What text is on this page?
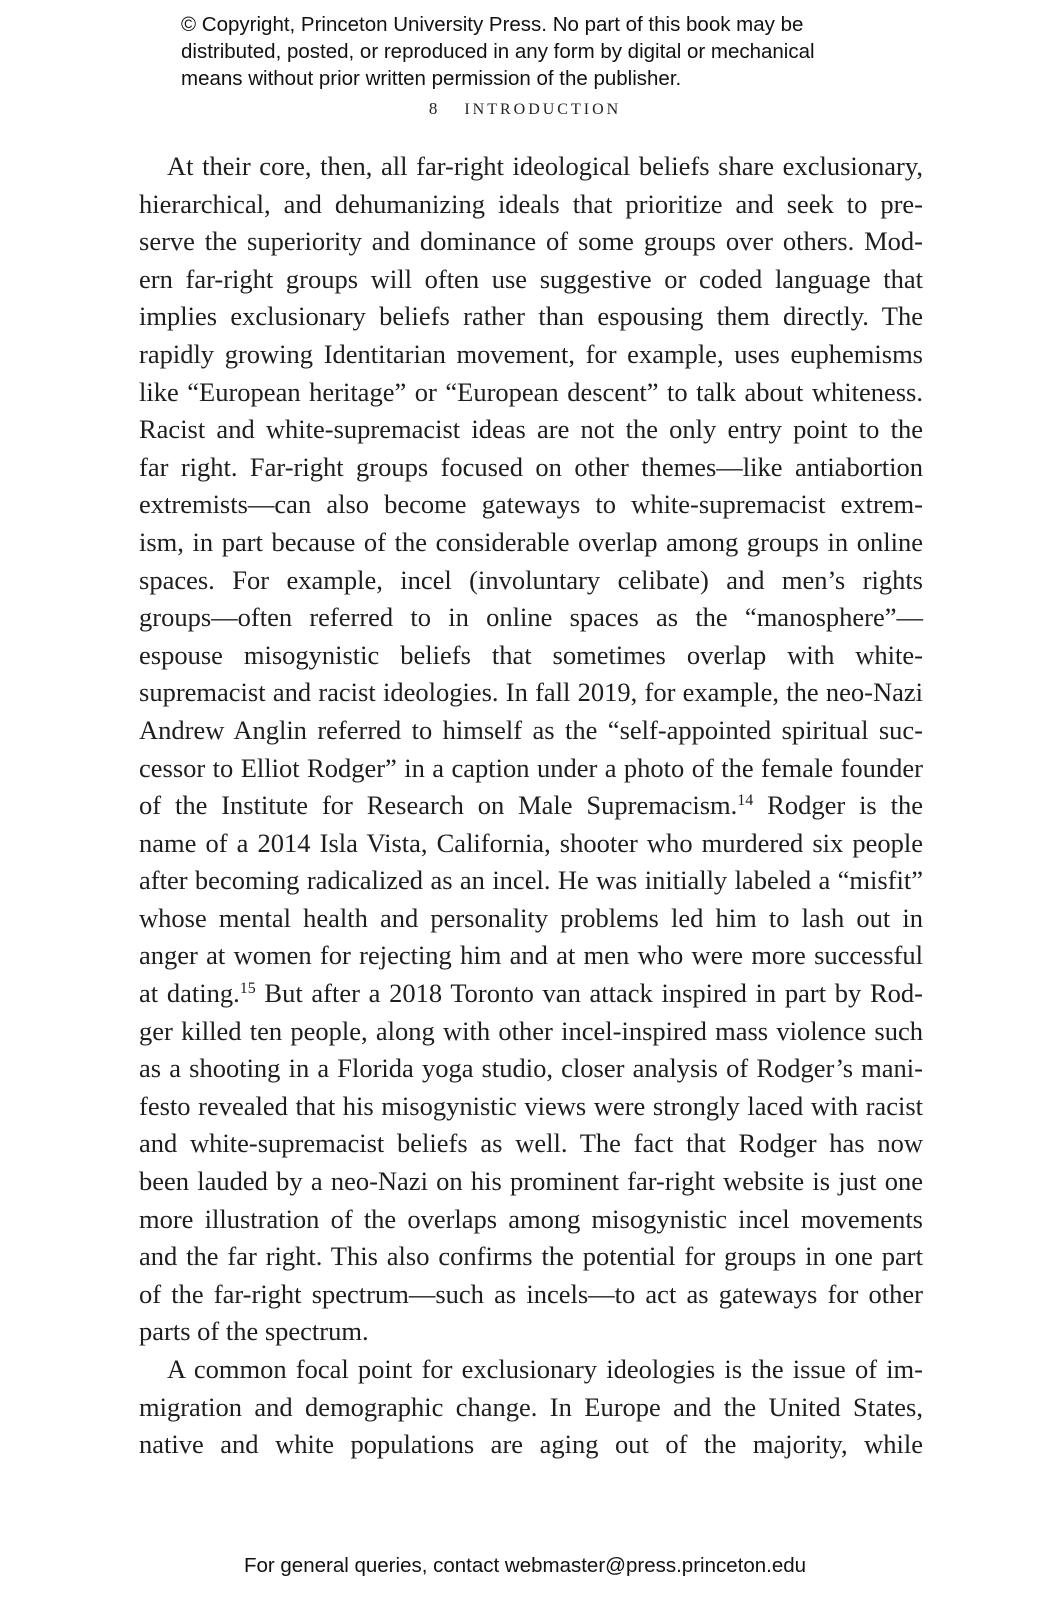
© Copyright, Princeton University Press. No part of this book may be
distributed, posted, or reproduced in any form by digital or mechanical
means without prior written permission of the publisher.
8 INTRODUCTION
At their core, then, all far-right ideological beliefs share exclusionary,
hierarchical, and dehumanizing ideals that prioritize and seek to pre-
serve the superiority and dominance of some groups over others. Mod-
ern far-right groups will often use suggestive or coded language that
implies exclusionary beliefs rather than espousing them directly. The
rapidly growing Identitarian movement, for example, uses euphemisms
like “European heritage” or “European descent” to talk about whiteness.
Racist and white-supremacist ideas are not the only entry point to the
far right. Far-right groups focused on other themes—like antiabortion
extremists—can also become gateways to white-supremacist extrem-
ism, in part because of the considerable overlap among groups in online
spaces. For example, incel (involuntary celibate) and men’s rights
groups—often referred to in online spaces as the “manosphere”—
espouse misogynistic beliefs that sometimes overlap with white-
supremacist and racist ideologies. In fall 2019, for example, the neo-Nazi
Andrew Anglin referred to himself as the “self-appointed spiritual suc-
cessor to Elliot Rodger” in a caption under a photo of the female founder
of the Institute for Research on Male Supremacism.$^{14}$ Rodger is the
name of a 2014 Isla Vista, California, shooter who murdered six people
after becoming radicalized as an incel. He was initially labeled a “misfit”
whose mental health and personality problems led him to lash out in
anger at women for rejecting him and at men who were more successful
at dating.$^{15}$ But after a 2018 Toronto van attack inspired in part by Rod-
ger killed ten people, along with other incel-inspired mass violence such
as a shooting in a Florida yoga studio, closer analysis of Rodger’s mani-
festo revealed that his misogynistic views were strongly laced with racist
and white-supremacist beliefs as well. The fact that Rodger has now
been lauded by a neo-Nazi on his prominent far-right website is just one
more illustration of the overlaps among misogynistic incel movements
and the far right. This also confirms the potential for groups in one part
of the far-right spectrum—such as incels—to act as gateways for other
parts of the spectrum.
A common focal point for exclusionary ideologies is the issue of im-
migration and demographic change. In Europe and the United States,
native and white populations are aging out of the majority, while
For general queries, contact webmaster@press.princeton.edu
